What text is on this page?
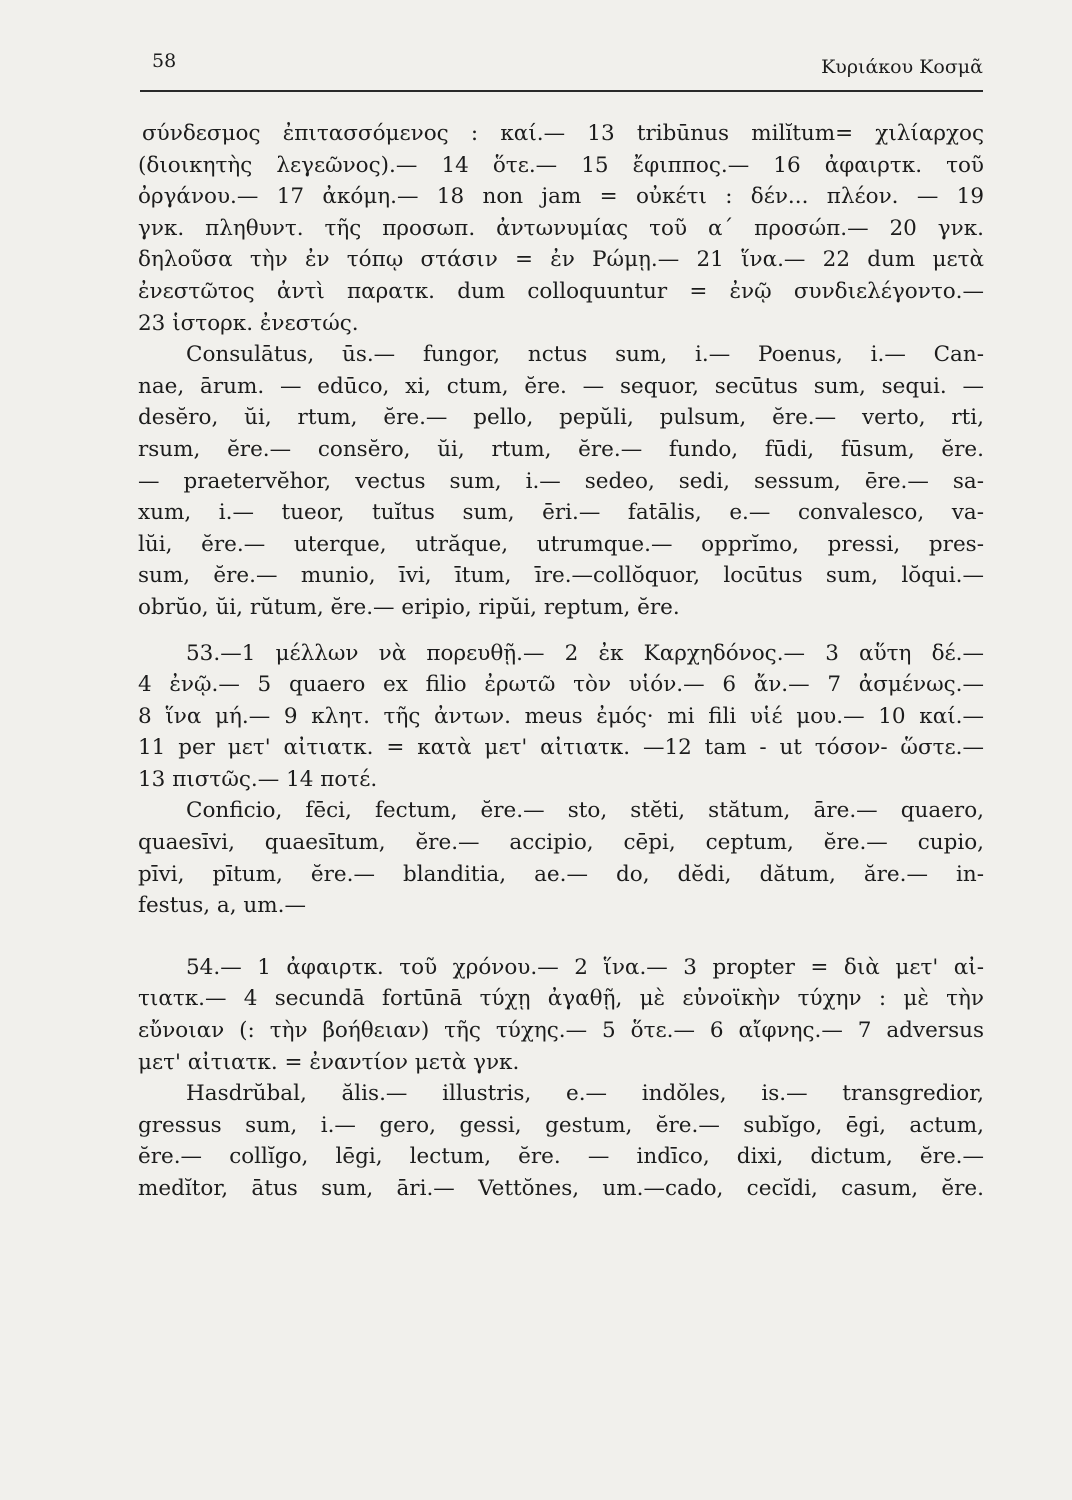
58	Κυριάκου Κοσμᾶ
σύνδεσμος ἐπιτασσόμενος : καί.— 13 tribūnus milĭtum= χιλίαρχος
(διοικητὴς λεγεῶνος).— 14 ὅτε.— 15 ἔφιππος.— 16 ἀφαιρτκ. τοῦ
ὀργάνου.— 17 ἀκόμη.— 18 non jam = οὐκέτι : δέν... πλέον. — 19
γνκ. πληθυντ. τῆς προσωπ. ἀντωνυμίας τοῦ α΄ προσώπ.— 20 γνκ.
δηλοῦσα τὴν ἐν τόπῳ στάσιν = ἐν Ρώμῃ.— 21 ἵνα.— 22 dum μετὰ
ἐνεστῶτος ἀντὶ παρατκ. dum colloquuntur = ἐνῷ συνδιελέγοντο.—
23 ἱστορκ. ἐνεστώς.
Consulātus, ūs.— fungor, nctus sum, i.— Poenus, i.— Can-
nae, ārum. — edūco, xi, ctum, ĕre. — sequor, secūtus sum, sequi. —
desĕro, ŭi, rtum, ĕre.— pello, pepŭli, pulsum, ĕre.— verto, rti,
rsum, ĕre.— consĕro, ŭi, rtum, ĕre.— fundo, fūdi, fūsum, ĕre.
— praetervĕhor, vectus sum, i.— sedeo, sedi, sessum, ēre.— sa-
xum, i.— tueor, tuĭtus sum, ēri.— fatālis, e.— convalesco, va-
lŭi, ĕre.— uterque, utrăque, utrumque.— opprĭmo, pressi, pres-
sum, ĕre.— munio, īvi, ītum, īre.—collŏquor, locūtus sum, lŏqui.—
obrŭo, ŭi, rŭtum, ĕre.— eripio, ripŭi, reptum, ĕre.
53.—1 μέλλων νὰ πορευθῇ.— 2 ἐκ Καρχηδόνος.— 3 αὕτη δέ.—
4 ἐνῷ.— 5 quaero ex filio ἐρωτῶ τὸν υἱόν.— 6 ἄν.— 7 ἀσμένως.—
8 ἵνα μή.— 9 κλητ. τῆς ἀντων. meus ἐμός· mi fili υἱέ μου.— 10 καί.—
11 per μετ' αἰτιατκ. = κατὰ μετ' αἰτιατκ. —12 tam - ut τόσον- ὥστε.—
13 πιστῶς.— 14 ποτέ.
Conficio, fēci, fectum, ĕre.— sto, stĕti, stătum, āre.— quaero,
quaesīvi, quaesītum, ĕre.— accipio, cēpi, ceptum, ĕre.— cupio,
pīvi, pītum, ĕre.— blanditia, ae.— do, dĕdi, dătum, ăre.— in-
festus, a, um.—
54.— 1 ἀφαιρτκ. τοῦ χρόνου.— 2 ἵνα.— 3 propter = διὰ μετ' αἰ-
τιατκ.— 4 secundā fortūnā τύχῃ ἀγαθῇ, μὲ εὐνοϊκὴν τύχην : μὲ τὴν
εὔνοιαν (: τὴν βοήθειαν) τῆς τύχης.— 5 ὅτε.— 6 αἴφνης.— 7 adversus
μετ' αἰτιατκ. = ἐναντίον μετὰ γνκ.
Hasdrŭbal, ălis.— illustris, e.— indŏles, is.— transgredior,
gressus sum, i.— gero, gessi, gestum, ĕre.— subĭgo, ēgi, actum,
ĕre.— collĭgo, lēgi, lectum, ĕre. — indīco, dixi, dictum, ĕre.—
medĭtor, ātus sum, āri.— Vettŏnes, um.—cado, cecĭdi, casum, ĕre.
